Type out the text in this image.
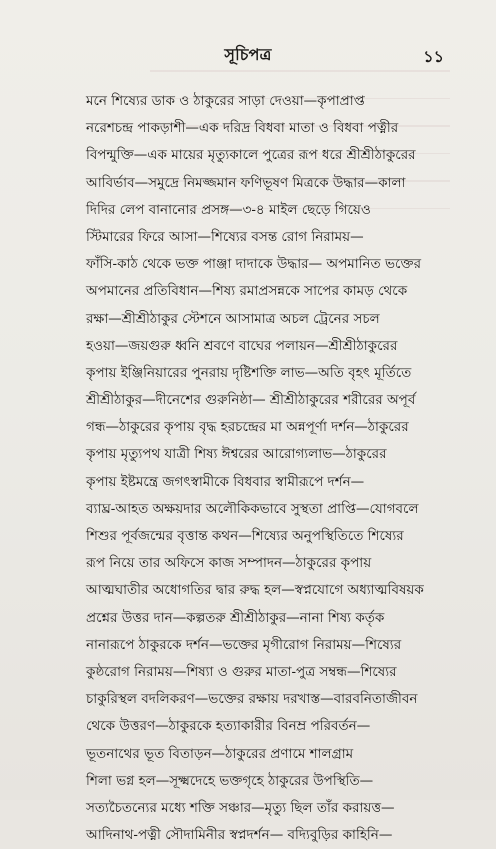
সূচিপত্র	১১
মনে শিষ্যের ডাক ও ঠাকুরের সাড়া দেওয়া—কৃপাপ্রাপ্ত
নরেশচন্দ্র পাকড়াশী—এক দরিদ্র বিধবা মাতা ও বিধবা পত্নীর
বিপন্মুক্তি—এক মায়ের মৃত্যুকালে পুত্রের রূপ ধরে শ্রীশ্রীঠাকুরের
আবির্ভাব—সমুদ্রে নিমজ্জমান ফণিভূষণ মিত্রকে উদ্ধার—কালা
দিদির লেপ বানানোর প্রসঙ্গ—৩-৪ মাইল ছেড়ে গিয়েও
স্টিমারের ফিরে আসা—শিষ্যের বসন্ত রোগ নিরাময়—
ফাঁসি-কাঠ থেকে ভক্ত পাঞ্জা দাদাকে উদ্ধার— অপমানিত ভক্তের
অপমানের প্রতিবিধান—শিষ্য রমাপ্রসন্নকে সাপের কামড় থেকে
রক্ষা—শ্রীশ্রীঠাকুর স্টেশনে আসামাত্র অচল ট্রেনের সচল
হওয়া—জয়গুরু ধ্বনি শ্রবণে বাঘের পলায়ন—শ্রীশ্রীঠাকুরের
কৃপায় ইঞ্জিনিয়ারের পুনরায় দৃষ্টিশক্তি লাভ—অতি বৃহৎ মূর্তিতে
শ্রীশ্রীঠাকুর—দীনেশের গুরুনিষ্ঠা— শ্রীশ্রীঠাকুরের শরীরের অপূর্ব
গন্ধ—ঠাকুরের কৃপায় বৃদ্ধ হরচন্দ্রের মা অন্নপূর্ণা দর্শন—ঠাকুরের
কৃপায় মৃত্যুপথ যাত্রী শিষ্য ঈশ্বরের আরোগ্যলাভ—ঠাকুরের
কৃপায় ইষ্টমন্ত্রে জগৎস্বামীকে বিধবার স্বামীরূপে দর্শন—
ব্যাঘ্র-আহত অক্ষয়দার অলৌকিকভাবে সুস্থতা প্রাপ্তি—যোগবলে
শিশুর পূর্বজন্মের বৃত্তান্ত কথন—শিষ্যের অনুপস্থিতিতে শিষ্যের
রূপ নিয়ে তার অফিসে কাজ সম্পাদন—ঠাকুরের কৃপায়
আত্মঘাতীর অধোগতির দ্বার রুদ্ধ হল—স্বপ্নযোগে অধ্যাত্মবিষয়ক
প্রশ্নের উত্তর দান—কল্পতরু শ্রীশ্রীঠাকুর—নানা শিষ্য কর্তৃক
নানারূপে ঠাকুরকে দর্শন—ভক্তের মৃগীরোগ নিরাময়—শিষ্যের
কুষ্ঠরোগ নিরাময়—শিষ্যা ও গুরুর মাতা-পুত্র সম্বন্ধ—শিষ্যের
চাকুরিস্থল বদলিকরণ—ভক্তের রক্ষায় দরখাস্ত—বারবনিতাজীবন
থেকে উত্তরণ—ঠাকুরকে হত্যাকারীর বিনম্র পরিবর্তন—
ভূতনাথের ভূত বিতাড়ন—ঠাকুরের প্রণামে শালগ্রাম
শিলা ভগ্ন হল—সূক্ষ্মদেহে ভক্তগৃহে ঠাকুরের উপস্থিতি—
সত্যচৈতন্যের মধ্যে শক্তি সঞ্চার—মৃত্যু ছিল তাঁর করায়ত্ত—
আদিনাথ-পত্নী সৌদামিনীর স্বপ্নদর্শন— বদ্যিবুড়ির কাহিনি—
